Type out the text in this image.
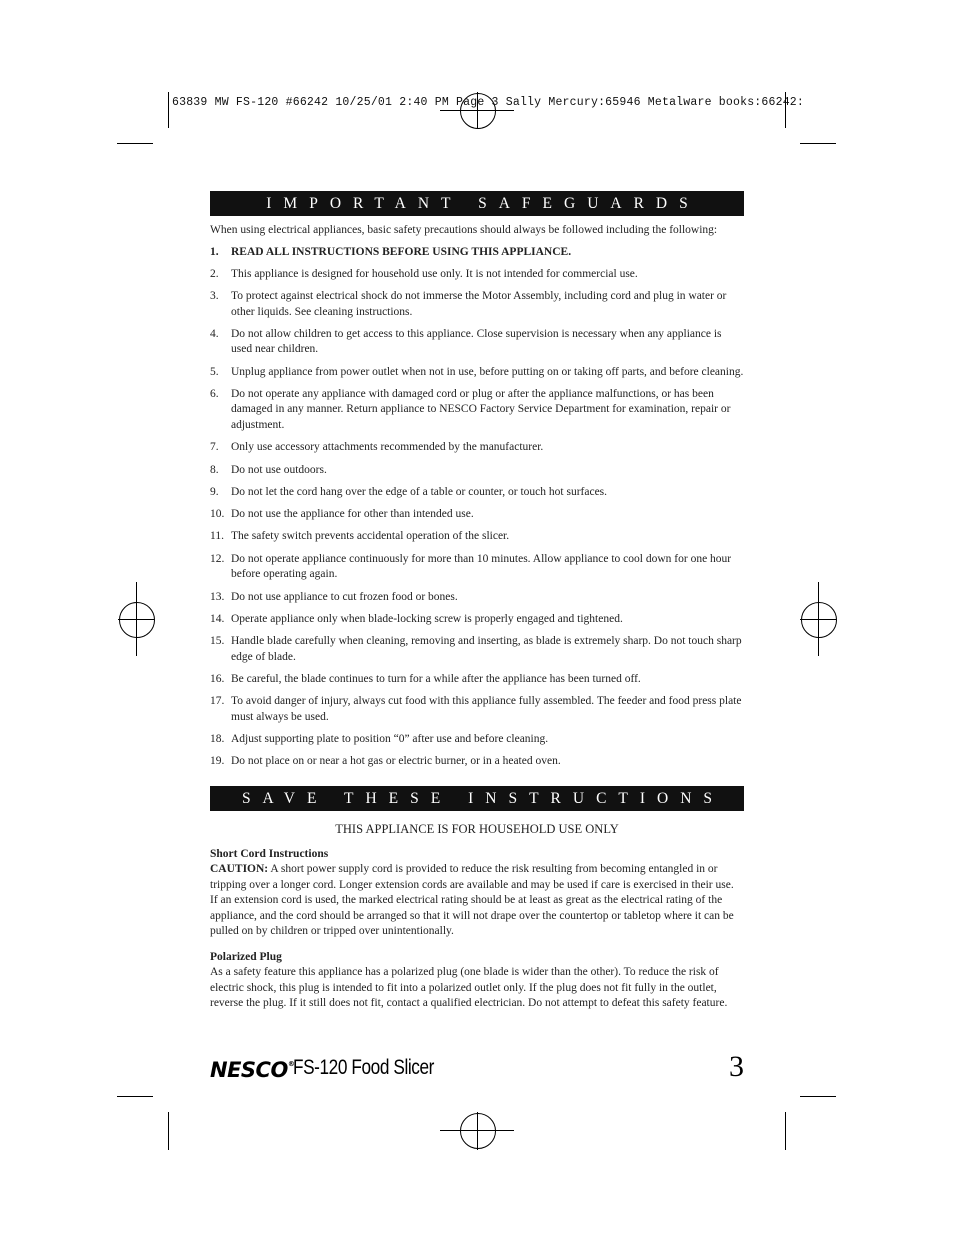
63839 MW FS-120 #66242 10/25/01 2:40 PM Page 3 Sally Mercury:65946 Metalware books:66242:
IMPORTANT SAFEGUARDS

When using electrical appliances, basic safety precautions should always be followed including the following:

1. READ ALL INSTRUCTIONS BEFORE USING THIS APPLIANCE.
2. This appliance is designed for household use only. It is not intended for commercial use.
3. To protect against electrical shock do not immerse the Motor Assembly, including cord and plug in water or other liquids. See cleaning instructions.
4. Do not allow children to get access to this appliance. Close supervision is necessary when any appliance is used near children.
5. Unplug appliance from power outlet when not in use, before putting on or taking off parts, and before cleaning.
6. Do not operate any appliance with damaged cord or plug or after the appliance malfunctions, or has been damaged in any manner. Return appliance to NESCO Factory Service Department for examination, repair or adjustment.
7. Only use accessory attachments recommended by the manufacturer.
8. Do not use outdoors.
9. Do not let the cord hang over the edge of a table or counter, or touch hot surfaces.
10. Do not use the appliance for other than intended use.
11. The safety switch prevents accidental operation of the slicer.
12. Do not operate appliance continuously for more than 10 minutes. Allow appliance to cool down for one hour before operating again.
13. Do not use appliance to cut frozen food or bones.
14. Operate appliance only when blade-locking screw is properly engaged and tightened.
15. Handle blade carefully when cleaning, removing and inserting, as blade is extremely sharp. Do not touch sharp edge of blade.
16. Be careful, the blade continues to turn for a while after the appliance has been turned off.
17. To avoid danger of injury, always cut food with this appliance fully assembled. The feeder and food press plate must always be used.
18. Adjust supporting plate to position “0” after use and before cleaning.
19. Do not place on or near a hot gas or electric burner, or in a heated oven.
SAVE THESE INSTRUCTIONS

THIS APPLIANCE IS FOR HOUSEHOLD USE ONLY

Short Cord Instructions

CAUTION: A short power supply cord is provided to reduce the risk resulting from becoming entangled in or tripping over a longer cord. Longer extension cords are available and may be used if care is exercised in their use. If an extension cord is used, the marked electrical rating should be at least as great as the electrical rating of the appliance, and the cord should be arranged so that it will not drape over the countertop or tabletop where it can be pulled on by children or tripped over unintentionally.

Polarized Plug

As a safety feature this appliance has a polarized plug (one blade is wider than the other). To reduce the risk of electric shock, this plug is intended to fit into a polarized outlet only. If the plug does not fit fully in the outlet, reverse the plug. If it still does not fit, contact a qualified electrician. Do not attempt to defeat this safety feature.

NESCO®
FS-120 Food Slicer	3
